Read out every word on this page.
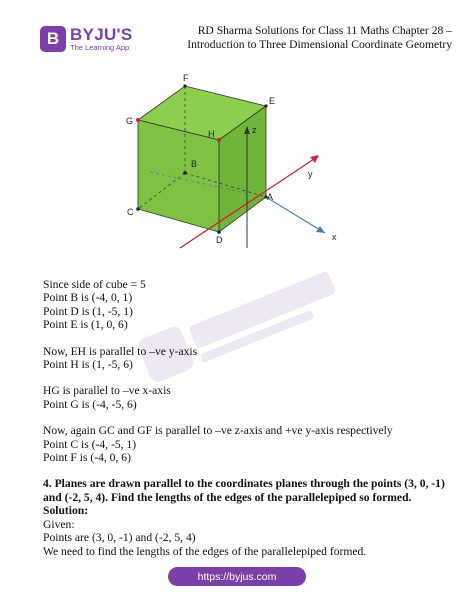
B BYJU'S
The Learning App
RD Sharma Solutions for Class 11 Maths Chapter 28 –
Introduction to Three Dimensional Coordinate Geometry
F
G
E
H
B
C
D
A
x
y
z

Since side of cube = 5

Point B is (-4, 0, 1)

Point D is (1, -5, 1)

Point E is (1, 0, 6)

Now, EH is parallel to –ve y-axis

Point H is (1, -5, 6)

HG is parallel to –ve x-axis

Point G is (-4, -5, 6)

Now, again GC and GF is parallel to –ve z-axis and +ve y-axis respectively

Point C is (-4, -5, 1)

Point F is (-4, 0, 6)

4. Planes are drawn parallel to the coordinates planes through the points (3, 0, -1) and (-2, 5, 4). Find the lengths of the edges of the parallelepiped so formed.

Solution:

Given:

Points are (3, 0, -1) and (-2, 5, 4)

We need to find the lengths of the edges of the parallelepiped formed.

https://byjus.com
